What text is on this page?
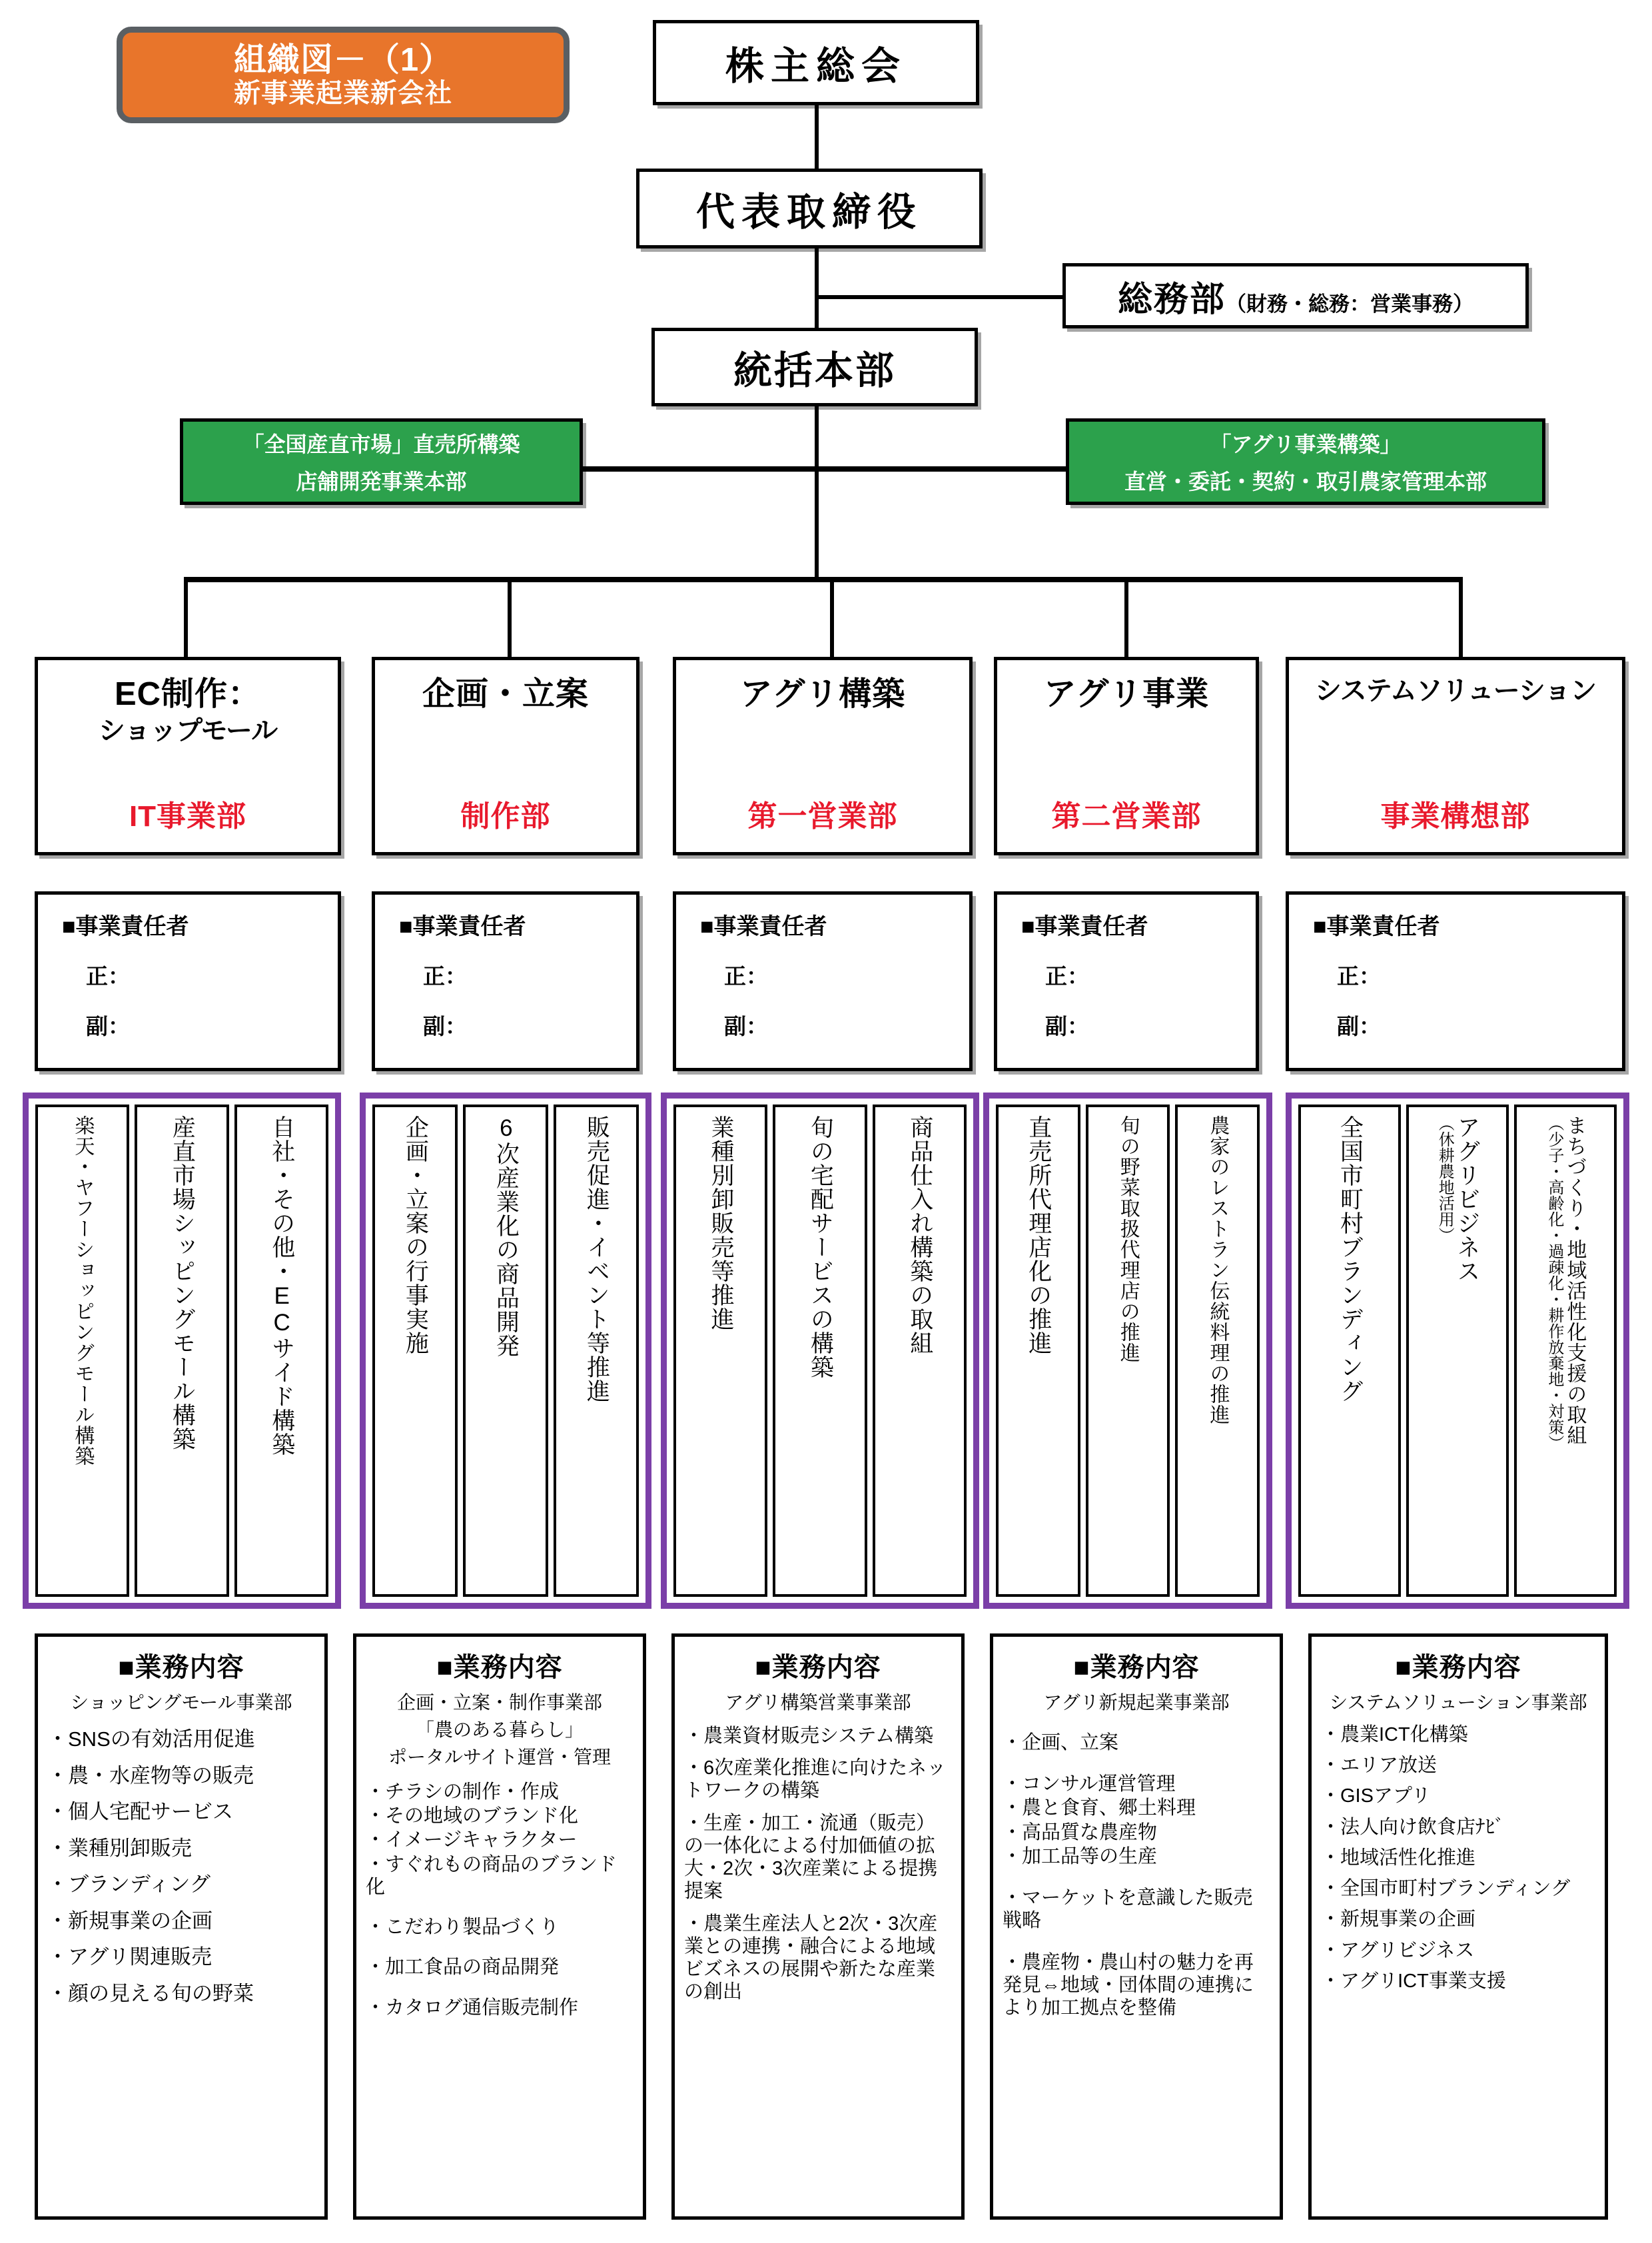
組織図－（1）
新事業起業新会社
株主総会
代表取締役
総務部 （財務・総務：営業事務）
統括本部
「全国産直市場」直売所構築
店舗開発事業本部
「アグリ事業構築」
直営・委託・契約・取引農家管理本部
EC制作：
ショップモール
IT事業部
企画・立案
制作部
アグリ構築
第一営業部
アグリ事業
第二営業部
システムソリューション
事業構想部
■事業責任者
正：
副：
■事業責任者
正：
副：
■事業責任者
正：
副：
■事業責任者
正：
副：
■事業責任者
正：
副：
自社・その他・ECサイド構築
産直市場シッピングモール構築
楽天・ヤフーショッピングモール構築	販売促進・イベント等推進
6次産業化の商品開発
企画・立案の行事実施	商品仕入れ構築の取組
旬の宅配サービスの構築
業種別卸販売等推進	農家のレストラン伝統料理の推進
旬の野菜取扱代理店の推進
直売所代理店化の推進	まちづくり・地域活性化支援の取組
（少子・高齢化・過疎化・耕作放棄地・対策）
アグリビジネス
（休耕農地活用）
全国市町村ブランディング
■業務内容
ショッピングモール事業部
・SNSの有効活用促進
・農・水産物等の販売
・個人宅配サービス
・業種別卸販売
・ブランディング
・新規事業の企画
・アグリ関連販売
・顔の見える旬の野菜
■業務内容
企画・立案・制作事業部
「農のある暮らし」
ポータルサイト運営・管理
・チラシの制作・作成
・その地域のブランド化
・イメージキャラクター
・すぐれもの商品のブランド化
・こだわり製品づくり
・加工食品の商品開発
・カタログ通信販売制作
■業務内容
アグリ構築営業事業部
・農業資材販売システム構築
・6次産業化推進に向けたネットワークの構築
・生産・加工・流通（販売）の一体化による付加価値の拡大・2次・3次産業による提携提案
・農業生産法人と2次・3次産業との連携・融合による地域ビズネスの展開や新たな産業の創出
■業務内容
アグリ新規起業事業部
・企画、立案
・コンサル運営管理
・農と食育、郷土料理
・高品質な農産物
・加工品等の生産
・マーケットを意識した販売戦略
・農産物・農山村の魅力を再発見⇔地域・団体間の連携により加工拠点を整備
■業務内容
システムソリューション事業部
・農業ICT化構築
・エリア放送
・GISアプリ
・法人向け飲食店ﾅﾋﾞ
・地域活性化推進
・全国市町村ブランディング
・新規事業の企画
・アグリビジネス
・アグリICT事業支援
